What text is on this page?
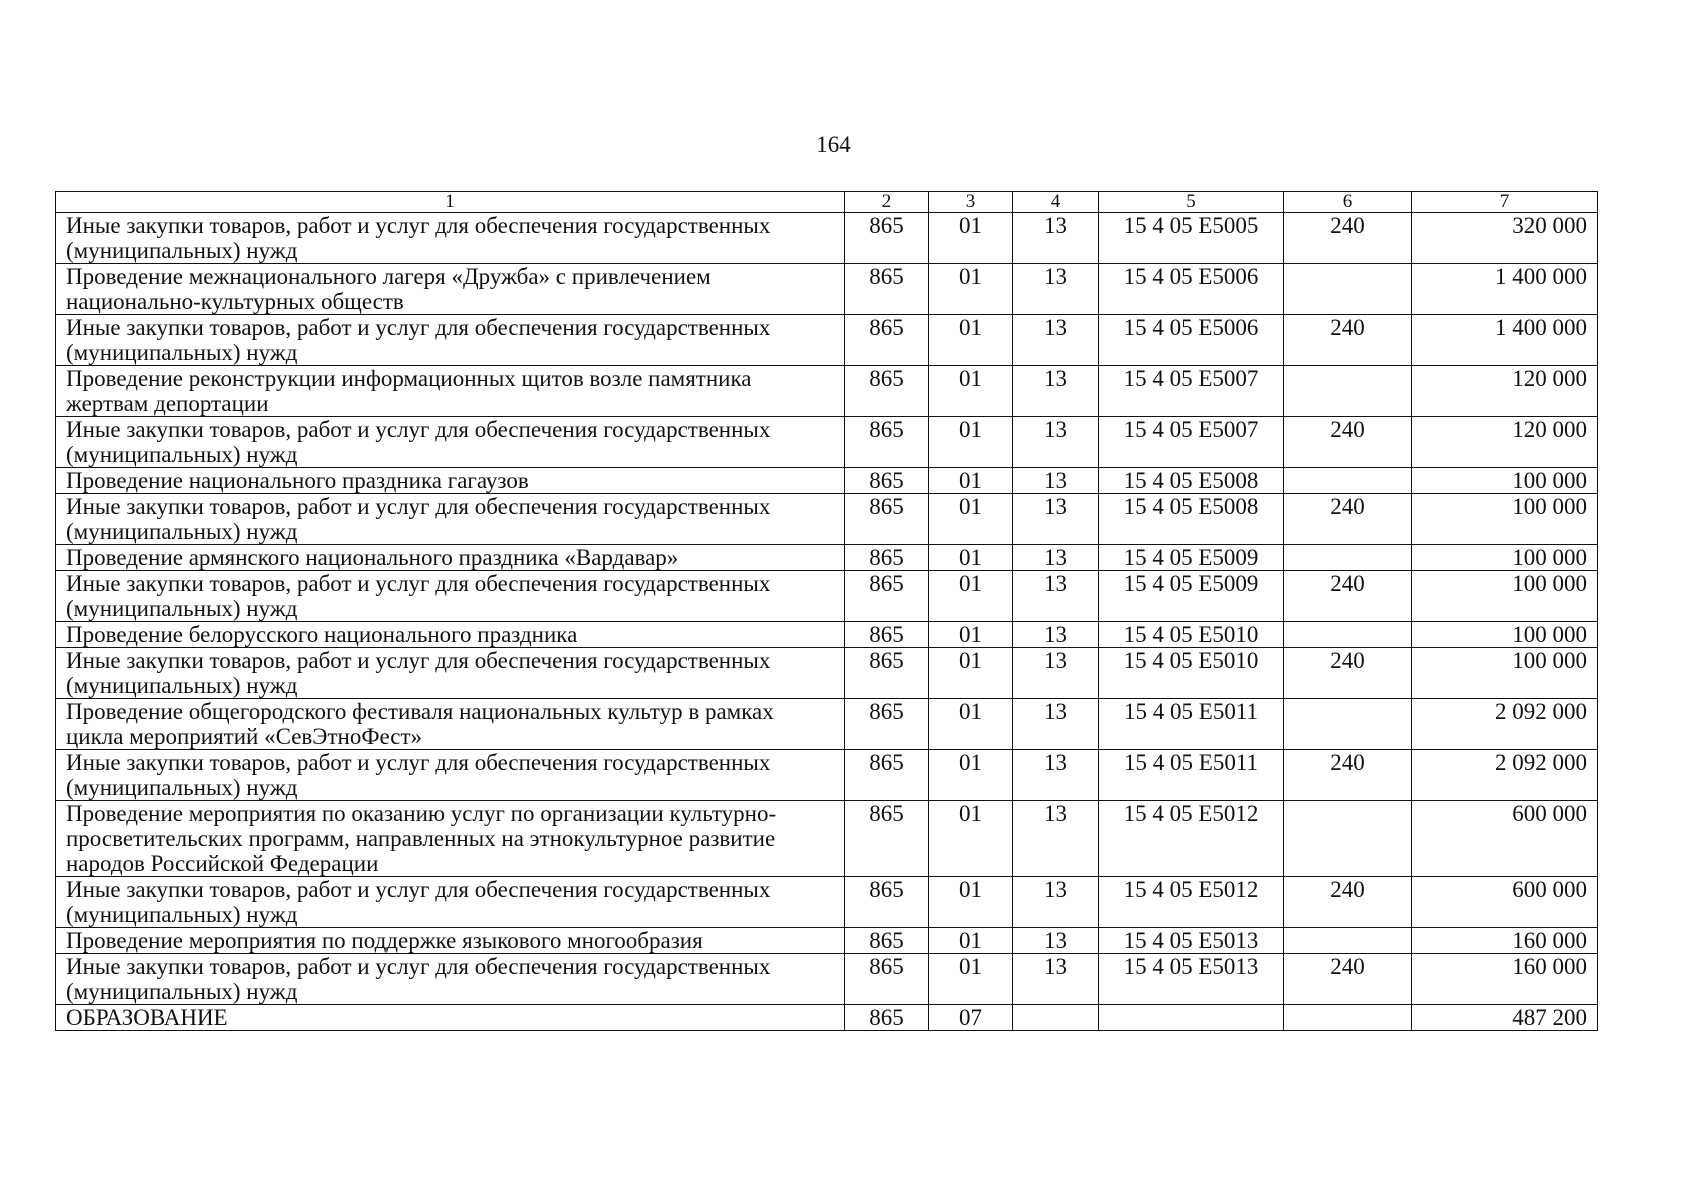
164
1	2	3	4	5	6	7
Иные закупки товаров, работ и услуг для обеспечения государственных (муниципальных) нужд	865	01	13	15 4 05 E5005	240	320 000
Проведение межнационального лагеря «Дружба» с привлечением национально-культурных обществ	865	01	13	15 4 05 E5006		1 400 000
Иные закупки товаров, работ и услуг для обеспечения государственных (муниципальных) нужд	865	01	13	15 4 05 E5006	240	1 400 000
Проведение реконструкции информационных щитов возле памятника жертвам депортации	865	01	13	15 4 05 E5007		120 000
Иные закупки товаров, работ и услуг для обеспечения государственных (муниципальных) нужд	865	01	13	15 4 05 E5007	240	120 000
Проведение национального праздника гагаузов	865	01	13	15 4 05 E5008		100 000
Иные закупки товаров, работ и услуг для обеспечения государственных (муниципальных) нужд	865	01	13	15 4 05 E5008	240	100 000
Проведение армянского национального праздника «Вардавар»	865	01	13	15 4 05 E5009		100 000
Иные закупки товаров, работ и услуг для обеспечения государственных (муниципальных) нужд	865	01	13	15 4 05 E5009	240	100 000
Проведение белорусского национального праздника	865	01	13	15 4 05 E5010		100 000
Иные закупки товаров, работ и услуг для обеспечения государственных (муниципальных) нужд	865	01	13	15 4 05 E5010	240	100 000
Проведение общегородского фестиваля национальных культур в рамках цикла мероприятий «СевЭтноФест»	865	01	13	15 4 05 E5011		2 092 000
Иные закупки товаров, работ и услуг для обеспечения государственных (муниципальных) нужд	865	01	13	15 4 05 E5011	240	2 092 000
Проведение мероприятия по оказанию услуг по организации культурно-просветительских программ, направленных на этнокультурное развитие народов Российской Федерации	865	01	13	15 4 05 E5012		600 000
Иные закупки товаров, работ и услуг для обеспечения государственных (муниципальных) нужд	865	01	13	15 4 05 E5012	240	600 000
Проведение мероприятия по поддержке языкового многообразия	865	01	13	15 4 05 E5013		160 000
Иные закупки товаров, работ и услуг для обеспечения государственных (муниципальных) нужд	865	01	13	15 4 05 E5013	240	160 000
ОБРАЗОВАНИЕ	865	07				487 200
